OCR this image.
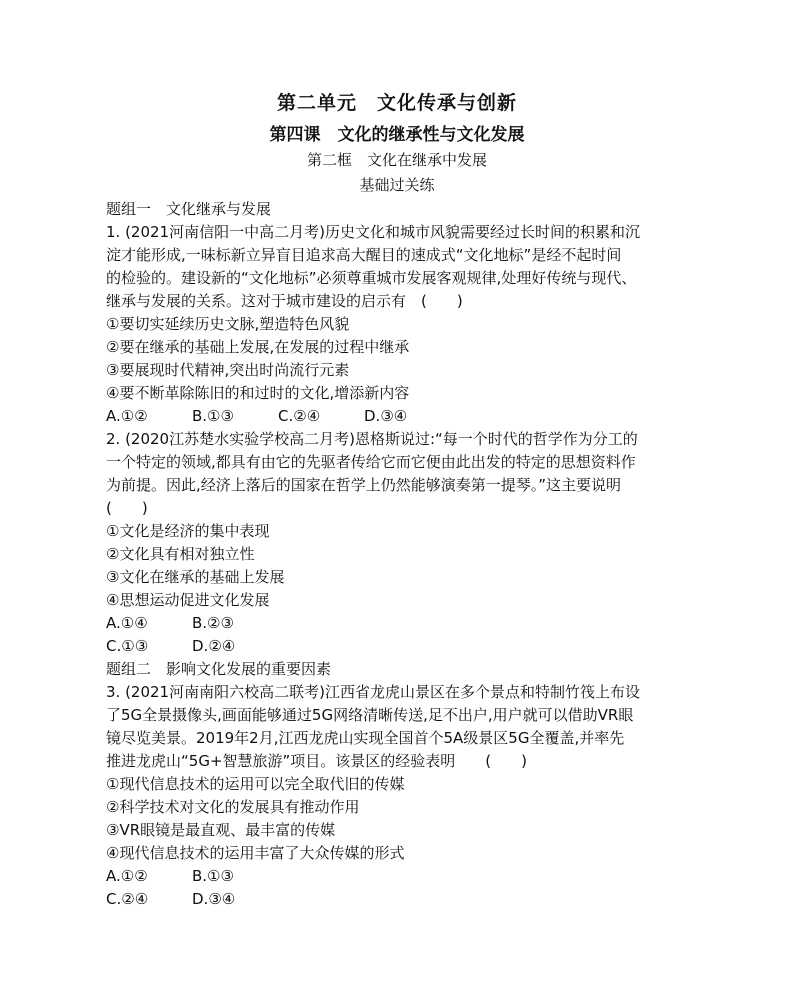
第二单元　文化传承与创新
第四课　文化的继承性与文化发展
第二框　文化在继承中发展
基础过关练
题组一　文化继承与发展
1. (2021河南信阳一中高二月考)历史文化和城市风貌需要经过长时间的积累和沉
淀才能形成,一味标新立异盲目追求高大醒目的速成式“文化地标”是经不起时间
的检验的。建设新的“文化地标”必须尊重城市发展客观规律,处理好传统与现代、
继承与发展的关系。这对于城市建设的启示有　(　　)
①要切实延续历史文脉,塑造特色风貌
②要在继承的基础上发展,在发展的过程中继承
③要展现时代精神,突出时尚流行元素
④要不断革除陈旧的和过时的文化,增添新内容
A.①②	B.①③	C.②④	D.③④
2. (2020江苏楚水实验学校高二月考)恩格斯说过:“每一个时代的哲学作为分工的
一个特定的领域,都具有由它的先驱者传给它而它便由此出发的特定的思想资料作
为前提。因此,经济上落后的国家在哲学上仍然能够演奏第一提琴。”这主要说明
(　　)
①文化是经济的集中表现
②文化具有相对独立性
③文化在继承的基础上发展
④思想运动促进文化发展
A.①④	B.②③
C.①③	D.②④
题组二　影响文化发展的重要因素
3. (2021河南南阳六校高二联考)江西省龙虎山景区在多个景点和特制竹筏上布设
了5G全景摄像头,画面能够通过5G网络清晰传送,足不出户,用户就可以借助VR眼
镜尽览美景。2019年2月,江西龙虎山实现全国首个5A级景区5G全覆盖,并率先
推进龙虎山“5G+智慧旅游”项目。该景区的经验表明　　(　　)
①现代信息技术的运用可以完全取代旧的传媒
②科学技术对文化的发展具有推动作用
③VR眼镜是最直观、最丰富的传媒
④现代信息技术的运用丰富了大众传媒的形式
A.①②	B.①③
C.②④	D.③④
